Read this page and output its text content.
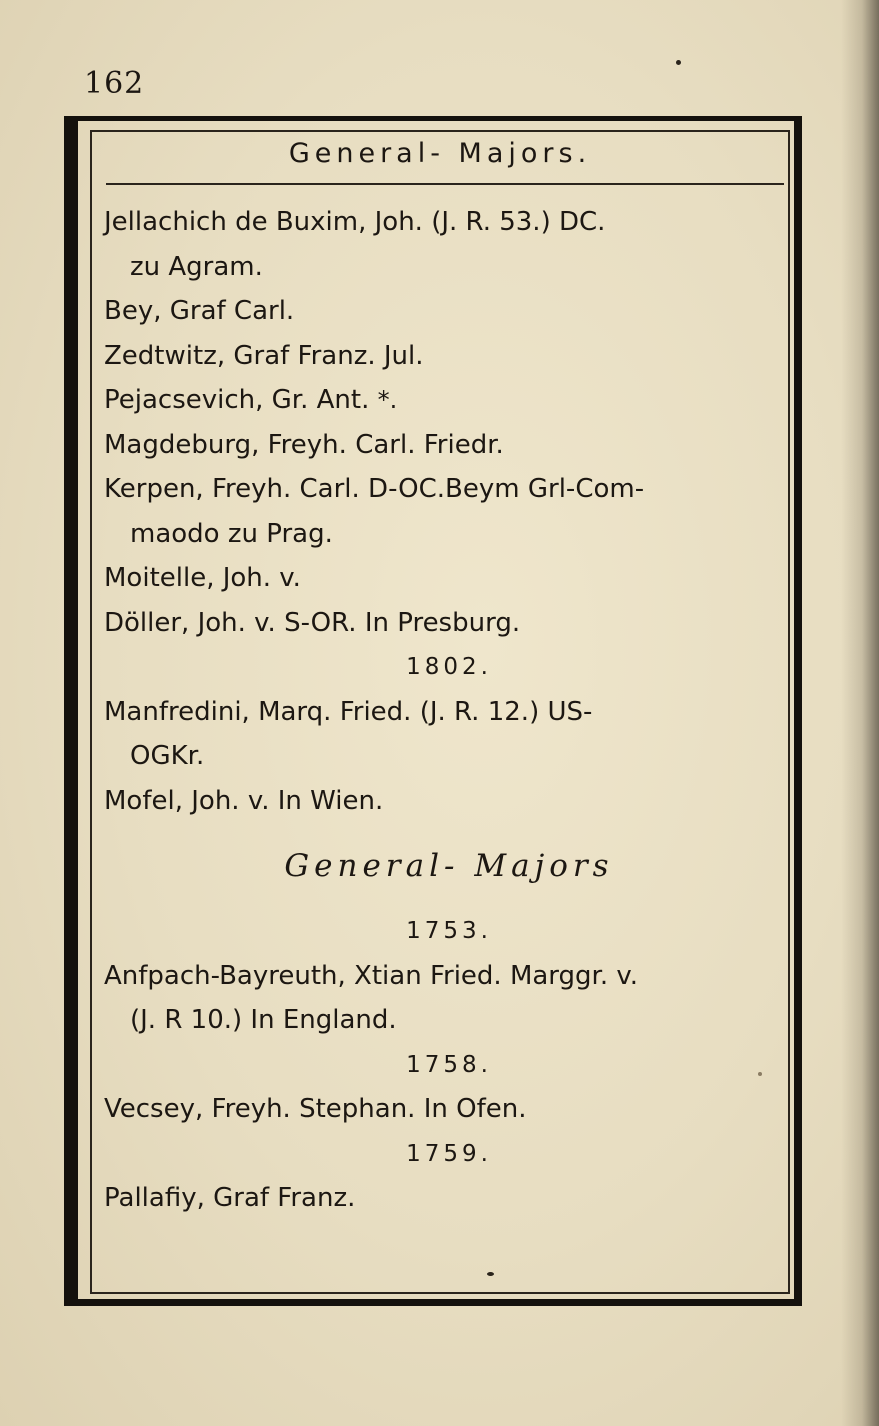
162
General- Majors.
Jellachich de Buxim, Joh. (J. R. 53.) DC.
zu Agram.
Bey, Graf Carl.
Zedtwitz, Graf Franz. Jul.
Pejacsevich, Gr. Ant. *.
Magdeburg, Freyh. Carl. Friedr.
Kerpen, Freyh. Carl. D-OC.Beym Grl-Com-
maodo zu Prag.
Moitelle, Joh. v.
Döller, Joh. v. S-OR. In Presburg.
1802.
Manfredini, Marq. Fried. (J. R. 12.) US-
OGKr.
Mofel, Joh. v. In Wien.
General- Majors
1753.
Anfpach-Bayreuth, Xtian Fried. Marggr. v.
(J. R 10.) In England.
1758.
Vecsey, Freyh. Stephan. In Ofen.
1759.
Pallafiy, Graf Franz.
